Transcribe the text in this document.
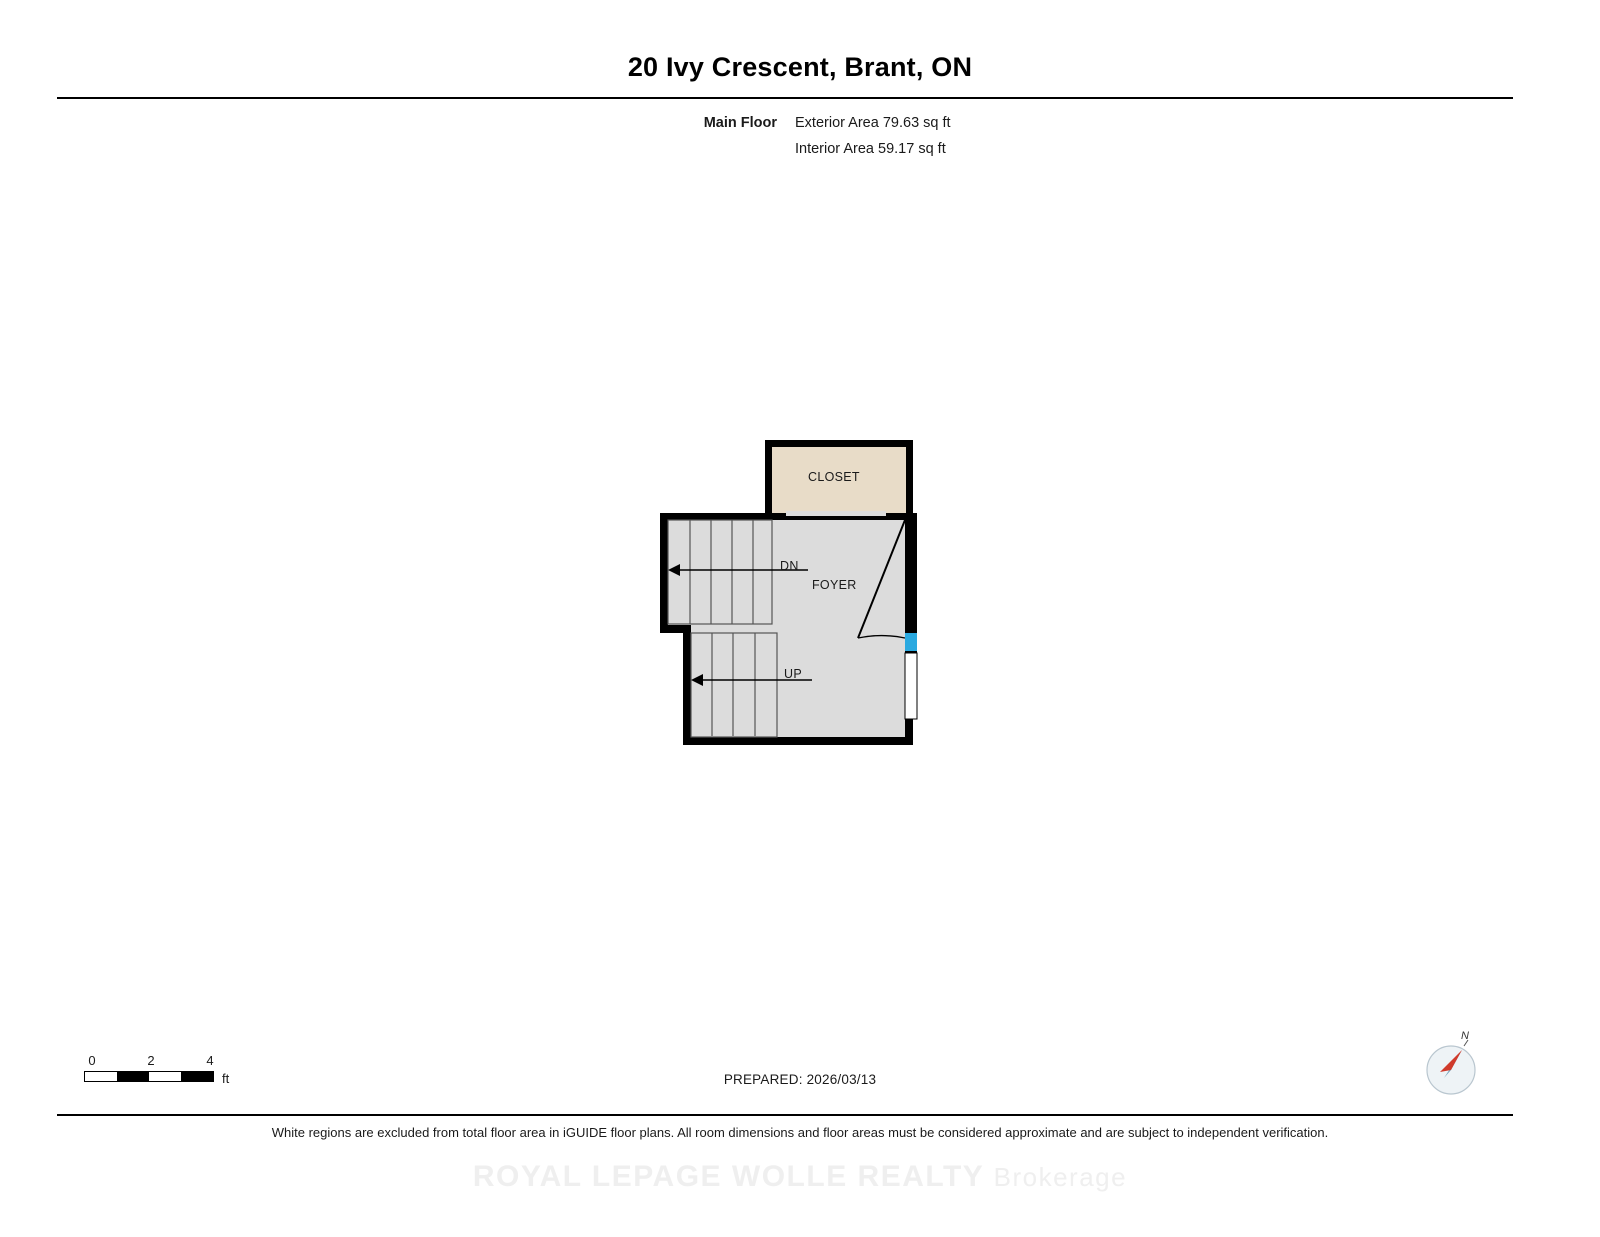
20 Ivy Crescent, Brant, ON
Main Floor	Exterior Area 79.63 sq ft
Interior Area 59.17 sq ft
CLOSET
FOYER
DN
UP
0	2	4
ft	PREPARED: 2026/03/13
N
White regions are excluded from total floor area in iGUIDE floor plans. All room dimensions and floor areas must be considered approximate and are subject to independent verification.
ROYAL LEPAGE WOLLE REALTY Brokerage
